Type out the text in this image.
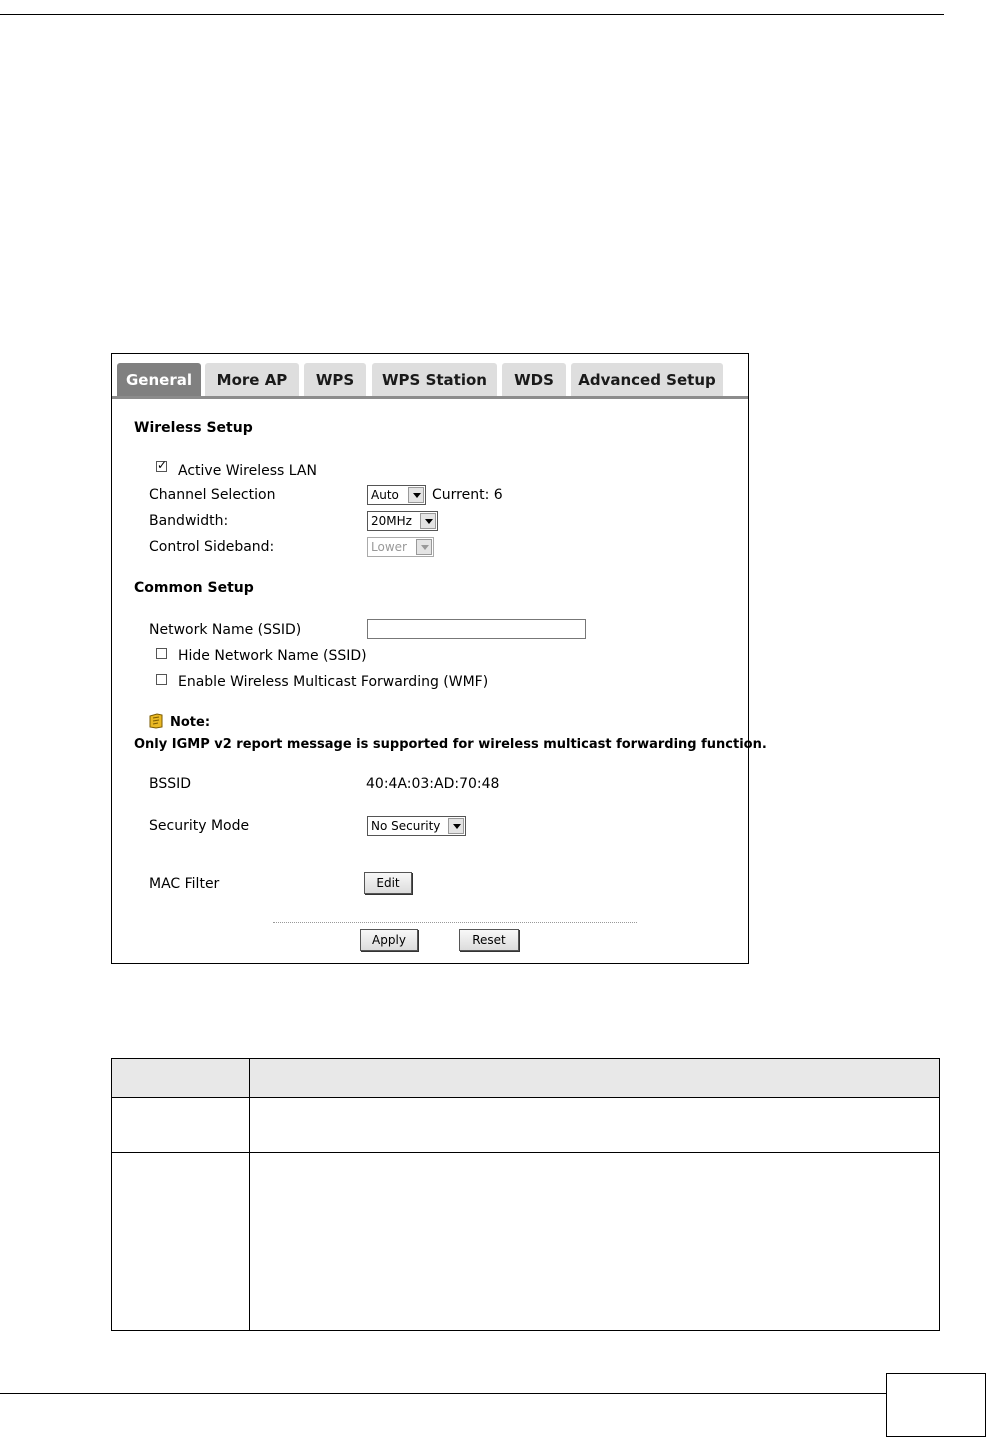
General	More AP	WPS	WPS Station	WDS	Advanced Setup
Wireless Setup
✓ Active Wireless LAN
Channel Selection	Auto Current: 6
Bandwidth:	20MHz
Control Sideband:	Lower
Common Setup
Network Name (SSID)
Hide Network Name (SSID)
Enable Wireless Multicast Forwarding (WMF)
Note:
Only IGMP v2 report message is supported for wireless multicast forwarding function.
BSSID	40:4A:03:AD:70:48
Security Mode	No Security
MAC Filter	Edit
Apply	Reset
